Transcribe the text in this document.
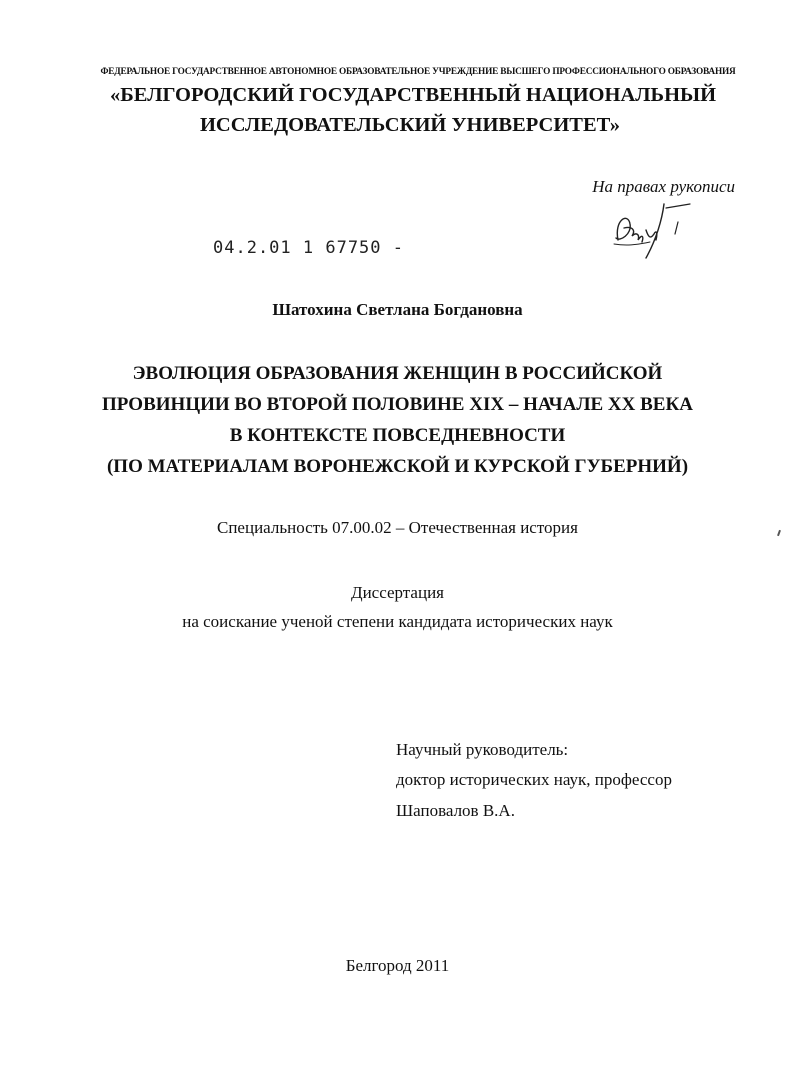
ФЕДЕРАЛЬНОЕ ГОСУДАРСТВЕННОЕ АВТОНОМНОЕ ОБРАЗОВАТЕЛЬНОЕ УЧРЕЖДЕНИЕ ВЫСШЕГО ПРОФЕССИОНАЛЬНОГО ОБРАЗОВАНИЯ
«БЕЛГОРОДСКИЙ ГОСУДАРСТВЕННЫЙ НАЦИОНАЛЬНЫЙ
ИССЛЕДОВАТЕЛЬСКИЙ УНИВЕРСИТЕТ»
На правах рукописи
04.2.01 1 67750 -
Шатохина Светлана Богдановна
ЭВОЛЮЦИЯ ОБРАЗОВАНИЯ ЖЕНЩИН В РОССИЙСКОЙ
ПРОВИНЦИИ ВО ВТОРОЙ ПОЛОВИНЕ XIX – НАЧАЛЕ XX ВЕКА
В КОНТЕКСТЕ ПОВСЕДНЕВНОСТИ
(ПО МАТЕРИАЛАМ ВОРОНЕЖСКОЙ И КУРСКОЙ ГУБЕРНИЙ)
Специальность 07.00.02 – Отечественная история
Диссертация
на соискание ученой степени кандидата исторических наук
Научный руководитель:
доктор исторических наук, профессор
Шаповалов В.А.
Белгород 2011
